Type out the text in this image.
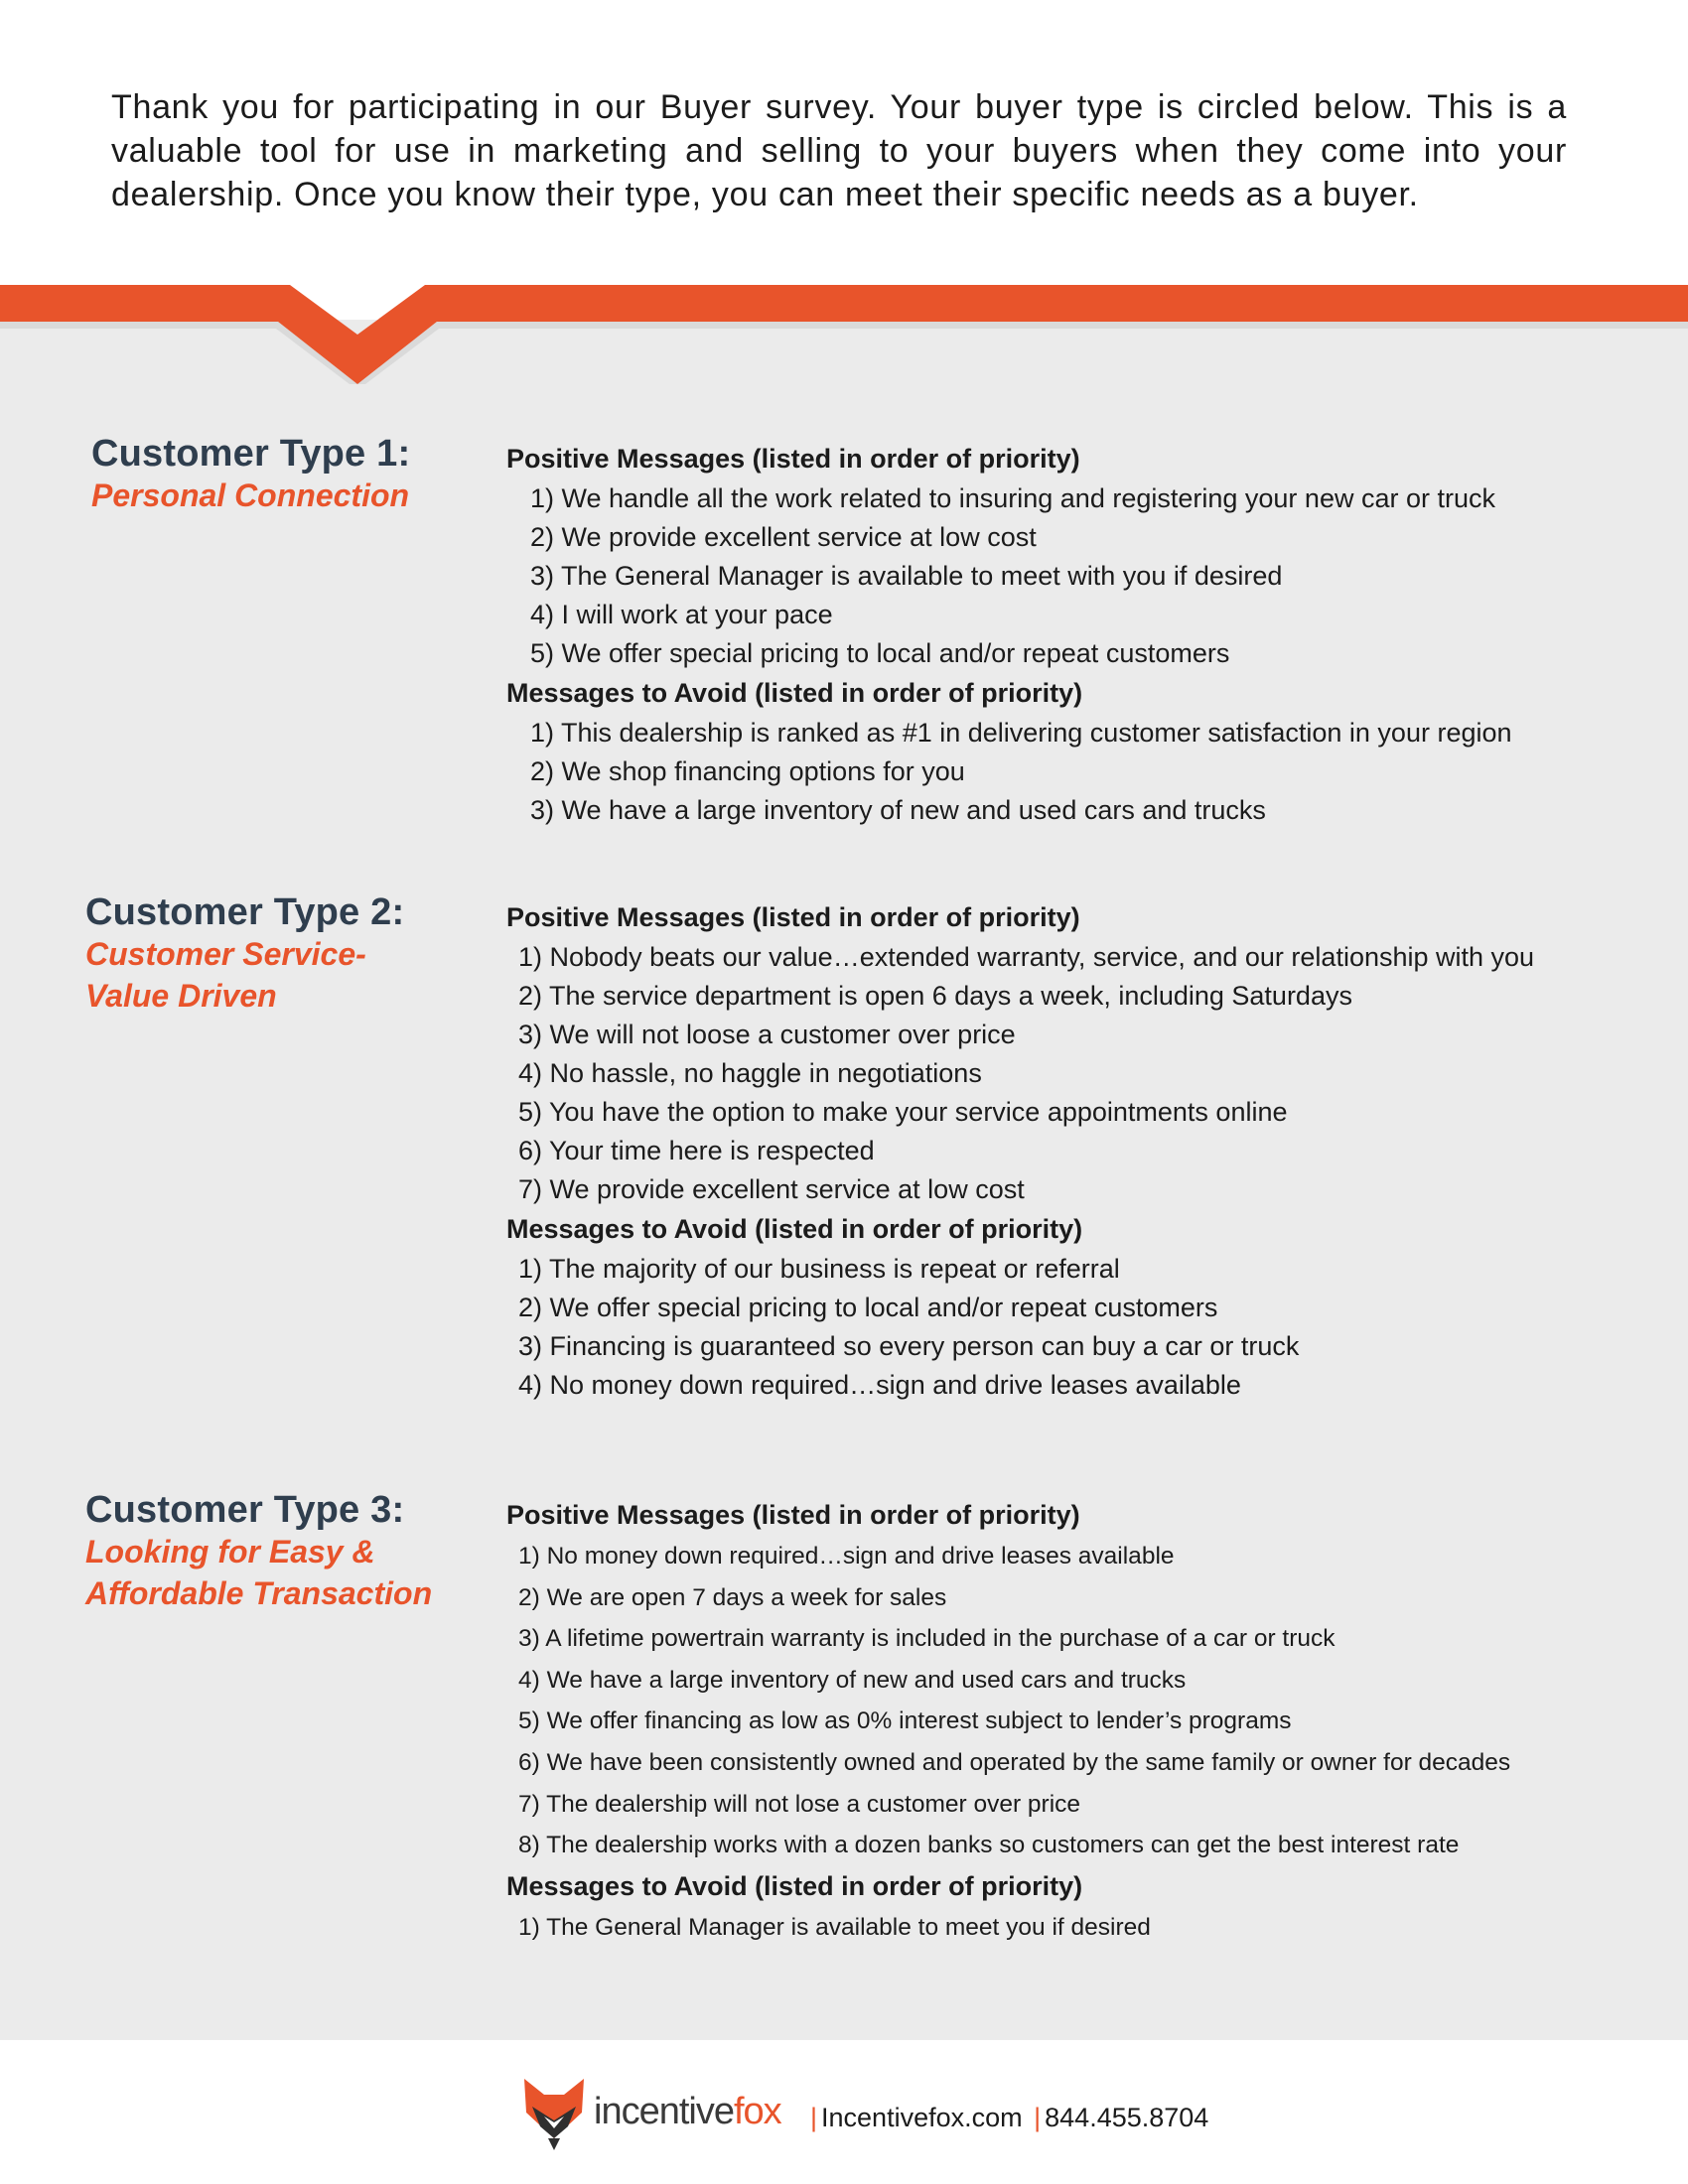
Thank you for participating in our Buyer survey. Your buyer type is circled below. This is a valuable tool for use in marketing and selling to your buyers when they come into your dealership. Once you know their type, you can meet their specific needs as a buyer.
Customer Type 1:
Personal Connection
Positive Messages (listed in order of priority)
1) We handle all the work related to insuring and registering your new car or truck
2) We provide excellent service at low cost
3) The General Manager is available to meet with you if desired
4) I will work at your pace
5) We offer special pricing to local and/or repeat customers
Messages to Avoid (listed in order of priority)
1) This dealership is ranked as #1 in delivering customer satisfaction in your region
2) We shop financing options for you
3) We have a large inventory of new and used cars and trucks
Customer Type 2:
Customer Service-
Value Driven
Positive Messages (listed in order of priority)
1) Nobody beats our value…extended warranty, service, and our relationship with you
2) The service department is open 6 days a week, including Saturdays
3) We will not loose a customer over price
4) No hassle, no haggle in negotiations
5) You have the option to make your service appointments online
6) Your time here is respected
7) We provide excellent service at low cost
Messages to Avoid (listed in order of priority)
1) The majority of our business is repeat or referral
2) We offer special pricing to local and/or repeat customers
3) Financing is guaranteed so every person can buy a car or truck
4) No money down required…sign and drive leases available
Customer Type 3:
Looking for Easy &
Affordable Transaction
Positive Messages (listed in order of priority)
1) No money down required…sign and drive leases available
2) We are open 7 days a week for sales
3) A lifetime powertrain warranty is included in the purchase of a car or truck
4) We have a large inventory of new and used cars and trucks
5) We offer financing as low as 0% interest subject to lender’s programs
6) We have been consistently owned and operated by the same family or owner for decades
7) The dealership will not lose a customer over price
8) The dealership works with a dozen banks so customers can get the best interest rate
Messages to Avoid (listed in order of priority)
1) The General Manager is available to meet you if desired
incentivefox | Incentivefox.com | 844.455.8704
